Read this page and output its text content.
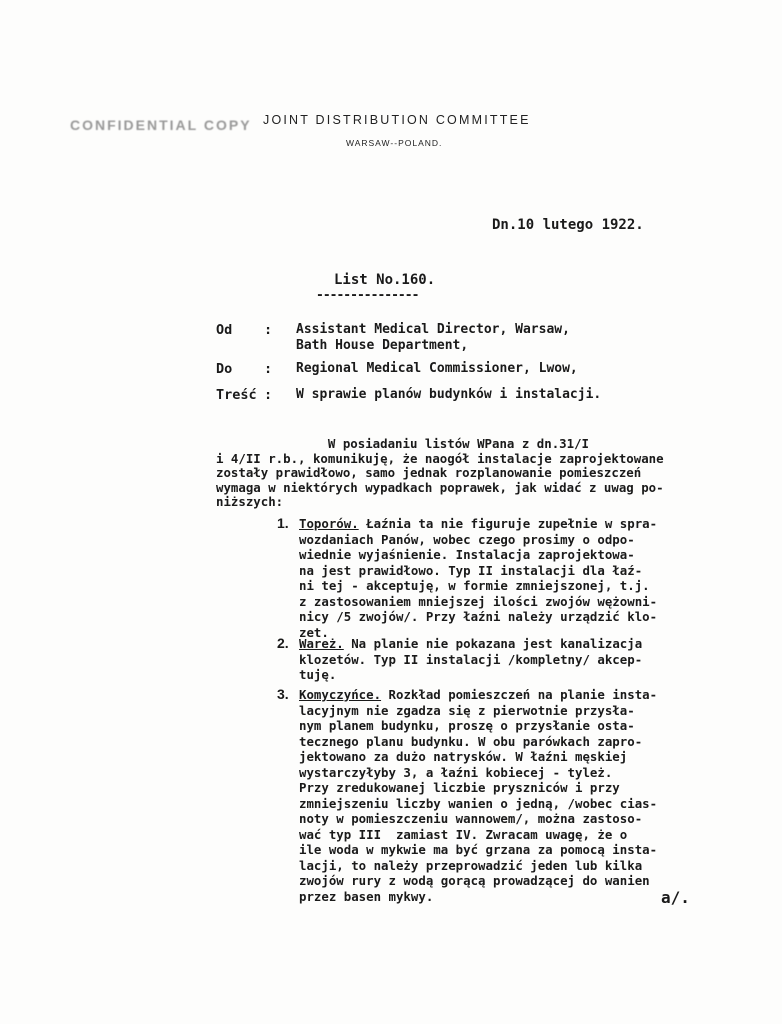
CONFIDENTIAL COPY JOINT DISTRIBUTION COMMITTEE
WARSAW--POLAND.
Dn.10 lutego 1922.
List No.160.
---------------
Od : Assistant Medical Director, Warsaw,
Bath House Department,
Do : Regional Medical Commissioner, Lwow,
Treść : W sprawie planów budynków i instalacji.
W posiadaniu listów WPana z dn.31/I
i 4/II r.b., komunikuję, że naogół instalacje zaprojektowane
zostały prawidłowo, samo jednak rozplanowanie pomieszczeń
wymaga w niektórych wypadkach poprawek, jak widać z uwag po-
niższych:
1. Toporów. Łaźnia ta nie figuruje zupełnie w spra-
wozdaniach Panów, wobec czego prosimy o odpo-
wiednie wyjaśnienie. Instalacja zaprojektowa-
na jest prawidłowo. Typ II instalacji dla łaź-
ni tej - akceptuję, w formie zmniejszonej, t.j.
z zastosowaniem mniejszej ilości zwojów wężowni-
nicy /5 zwojów/. Przy łaźni należy urządzić klo-
zet.
2. Wareż. Na planie nie pokazana jest kanalizacja
klozetów. Typ II instalacji /kompletny/ akcep-
tuję.
3. Komyczyńce. Rozkład pomieszczeń na planie insta-
lacyjnym nie zgadza się z pierwotnie przysła-
nym planem budynku, proszę o przysłanie osta-
tecznego planu budynku. W obu parówkach zapro-
jektowano za dużo natrysków. W łaźni męskiej
wystarczyłyby 3, a łaźni kobiecej - tyleż.
Przy zredukowanej liczbie pryszniców i przy
zmniejszeniu liczby wanien o jedną, /wobec cias-
noty w pomieszczeniu wannowem/, można zastoso-
wać typ III  zamiast IV. Zwracam uwagę, że o
ile woda w mykwie ma być grzana za pomocą insta-
lacji, to należy przeprowadzić jeden lub kilka
zwojów rury z wodą gorącą prowadzącej do wanien
przez basen mykwy.	a/.
